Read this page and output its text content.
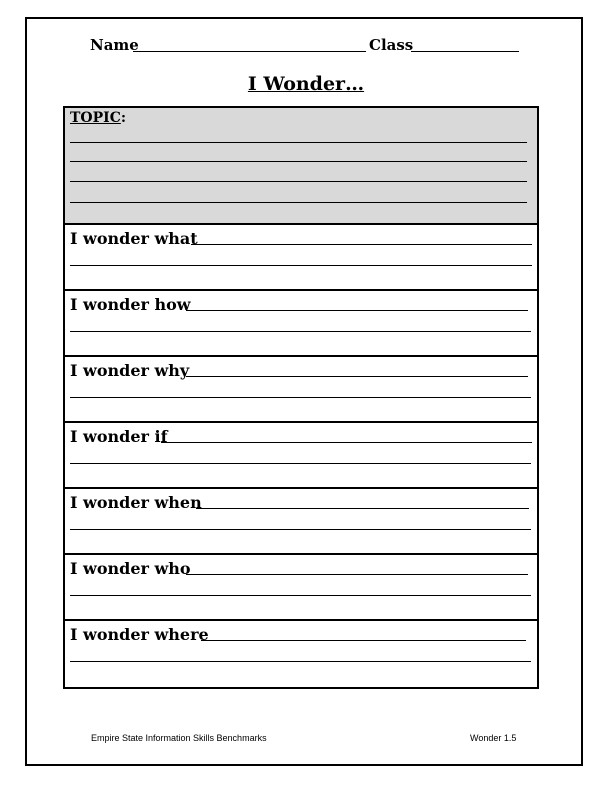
Name	Class
I Wonder…
TOPIC:
I wonder what
I wonder how
I wonder why
I wonder if
I wonder when
I wonder who
I wonder where
Empire State Information Skills Benchmarks	Wonder 1.5
